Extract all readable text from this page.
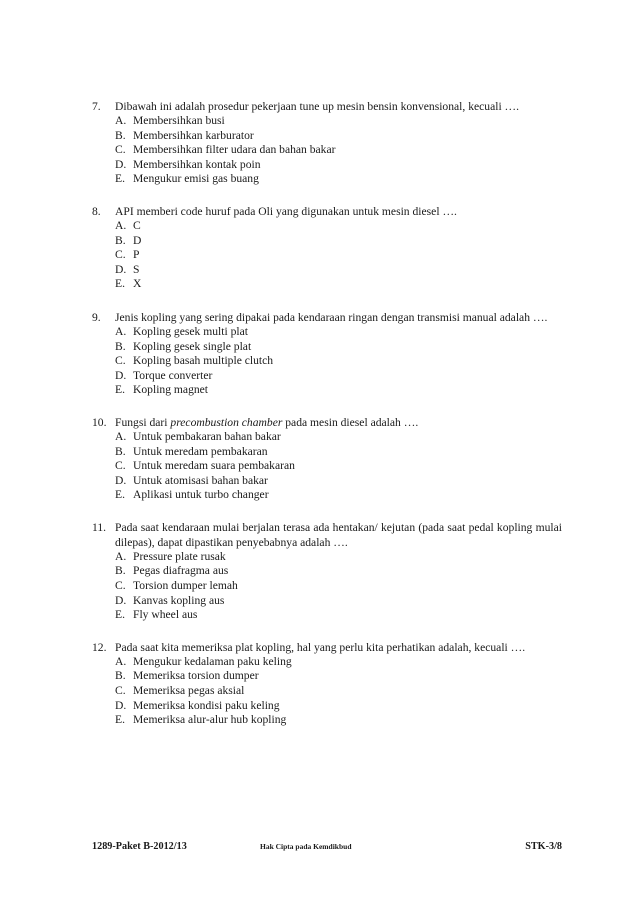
7.	Dibawah ini adalah prosedur pekerjaan tune up mesin bensin konvensional, kecuali ….
A. Membersihkan busi
B. Membersihkan karburator
C. Membersihkan filter udara dan bahan bakar
D. Membersihkan kontak poin
E. Mengukur emisi gas buang
8.	API memberi code huruf pada Oli yang digunakan untuk mesin diesel ….
A. C
B. D
C. P
D. S
E. X
9.	Jenis kopling yang sering dipakai pada kendaraan ringan dengan transmisi manual adalah ….
A. Kopling gesek multi plat
B. Kopling gesek single plat
C. Kopling basah multiple clutch
D. Torque converter
E. Kopling magnet
10. Fungsi dari precombustion chamber pada mesin diesel adalah ….
A. Untuk pembakaran bahan bakar
B. Untuk meredam pembakaran
C. Untuk meredam suara pembakaran
D. Untuk atomisasi bahan bakar
E. Aplikasi untuk turbo changer
11. Pada saat kendaraan mulai berjalan terasa ada hentakan/ kejutan (pada saat pedal kopling mulai dilepas), dapat dipastikan penyebabnya adalah ….
A. Pressure plate rusak
B. Pegas diafragma aus
C. Torsion dumper lemah
D. Kanvas kopling aus
E. Fly wheel aus
12. Pada saat kita memeriksa plat kopling, hal yang perlu kita perhatikan adalah, kecuali ….
A. Mengukur kedalaman paku keling
B. Memeriksa torsion dumper
C. Memeriksa pegas aksial
D. Memeriksa kondisi paku keling
E. Memeriksa alur-alur hub kopling
1289-Paket B-2012/13	Hak Cipta pada Kemdikbud	STK-3/8
